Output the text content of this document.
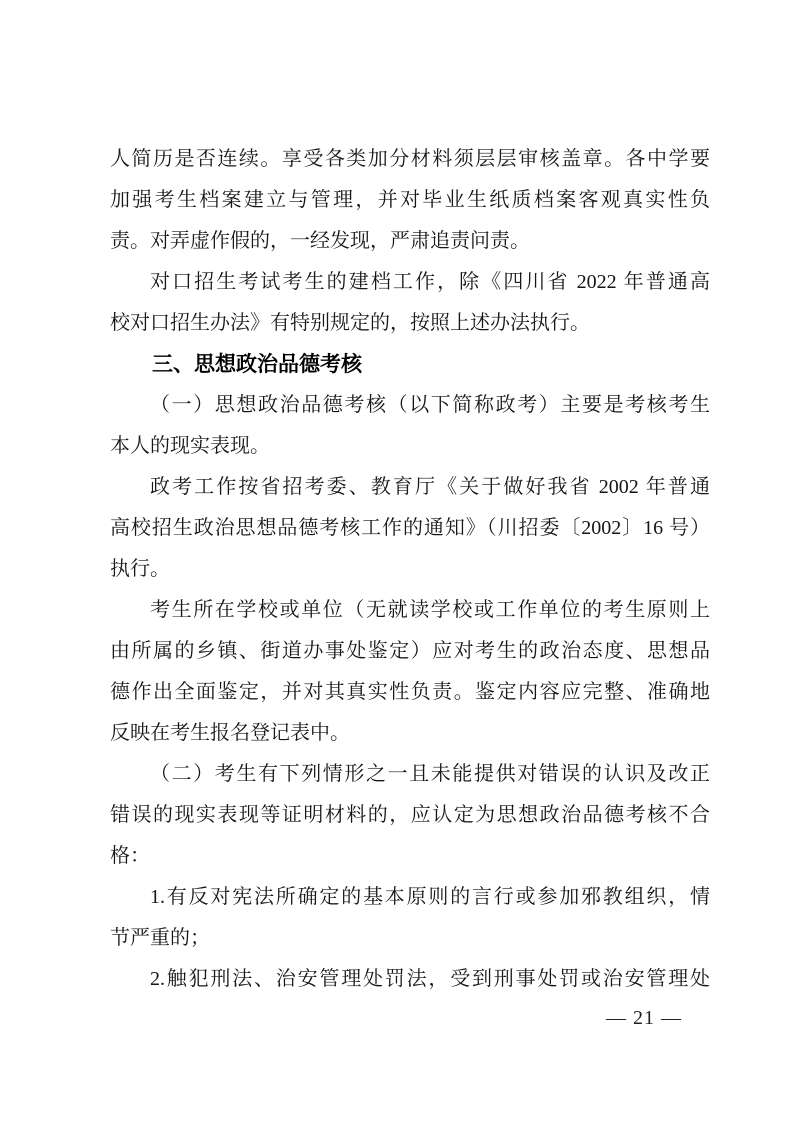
人简历是否连续。享受各类加分材料须层层审核盖章。各中学要
加强考生档案建立与管理，并对毕业生纸质档案客观真实性负
责。对弄虚作假的，一经发现，严肃追责问责。
对口招生考试考生的建档工作，除《四川省 2022 年普通高
校对口招生办法》有特别规定的，按照上述办法执行。
三、思想政治品德考核
（一）思想政治品德考核（以下简称政考）主要是考核考生
本人的现实表现。
政考工作按省招考委、教育厅《关于做好我省 2002 年普通
高校招生政治思想品德考核工作的通知》（川招委〔2002〕16 号）
执行。
考生所在学校或单位（无就读学校或工作单位的考生原则上
由所属的乡镇、街道办事处鉴定）应对考生的政治态度、思想品
德作出全面鉴定，并对其真实性负责。鉴定内容应完整、准确地
反映在考生报名登记表中。
（二）考生有下列情形之一且未能提供对错误的认识及改正
错误的现实表现等证明材料的，应认定为思想政治品德考核不合
格：
1.有反对宪法所确定的基本原则的言行或参加邪教组织，情
节严重的；
2.触犯刑法、治安管理处罚法，受到刑事处罚或治安管理处
— 21 —
